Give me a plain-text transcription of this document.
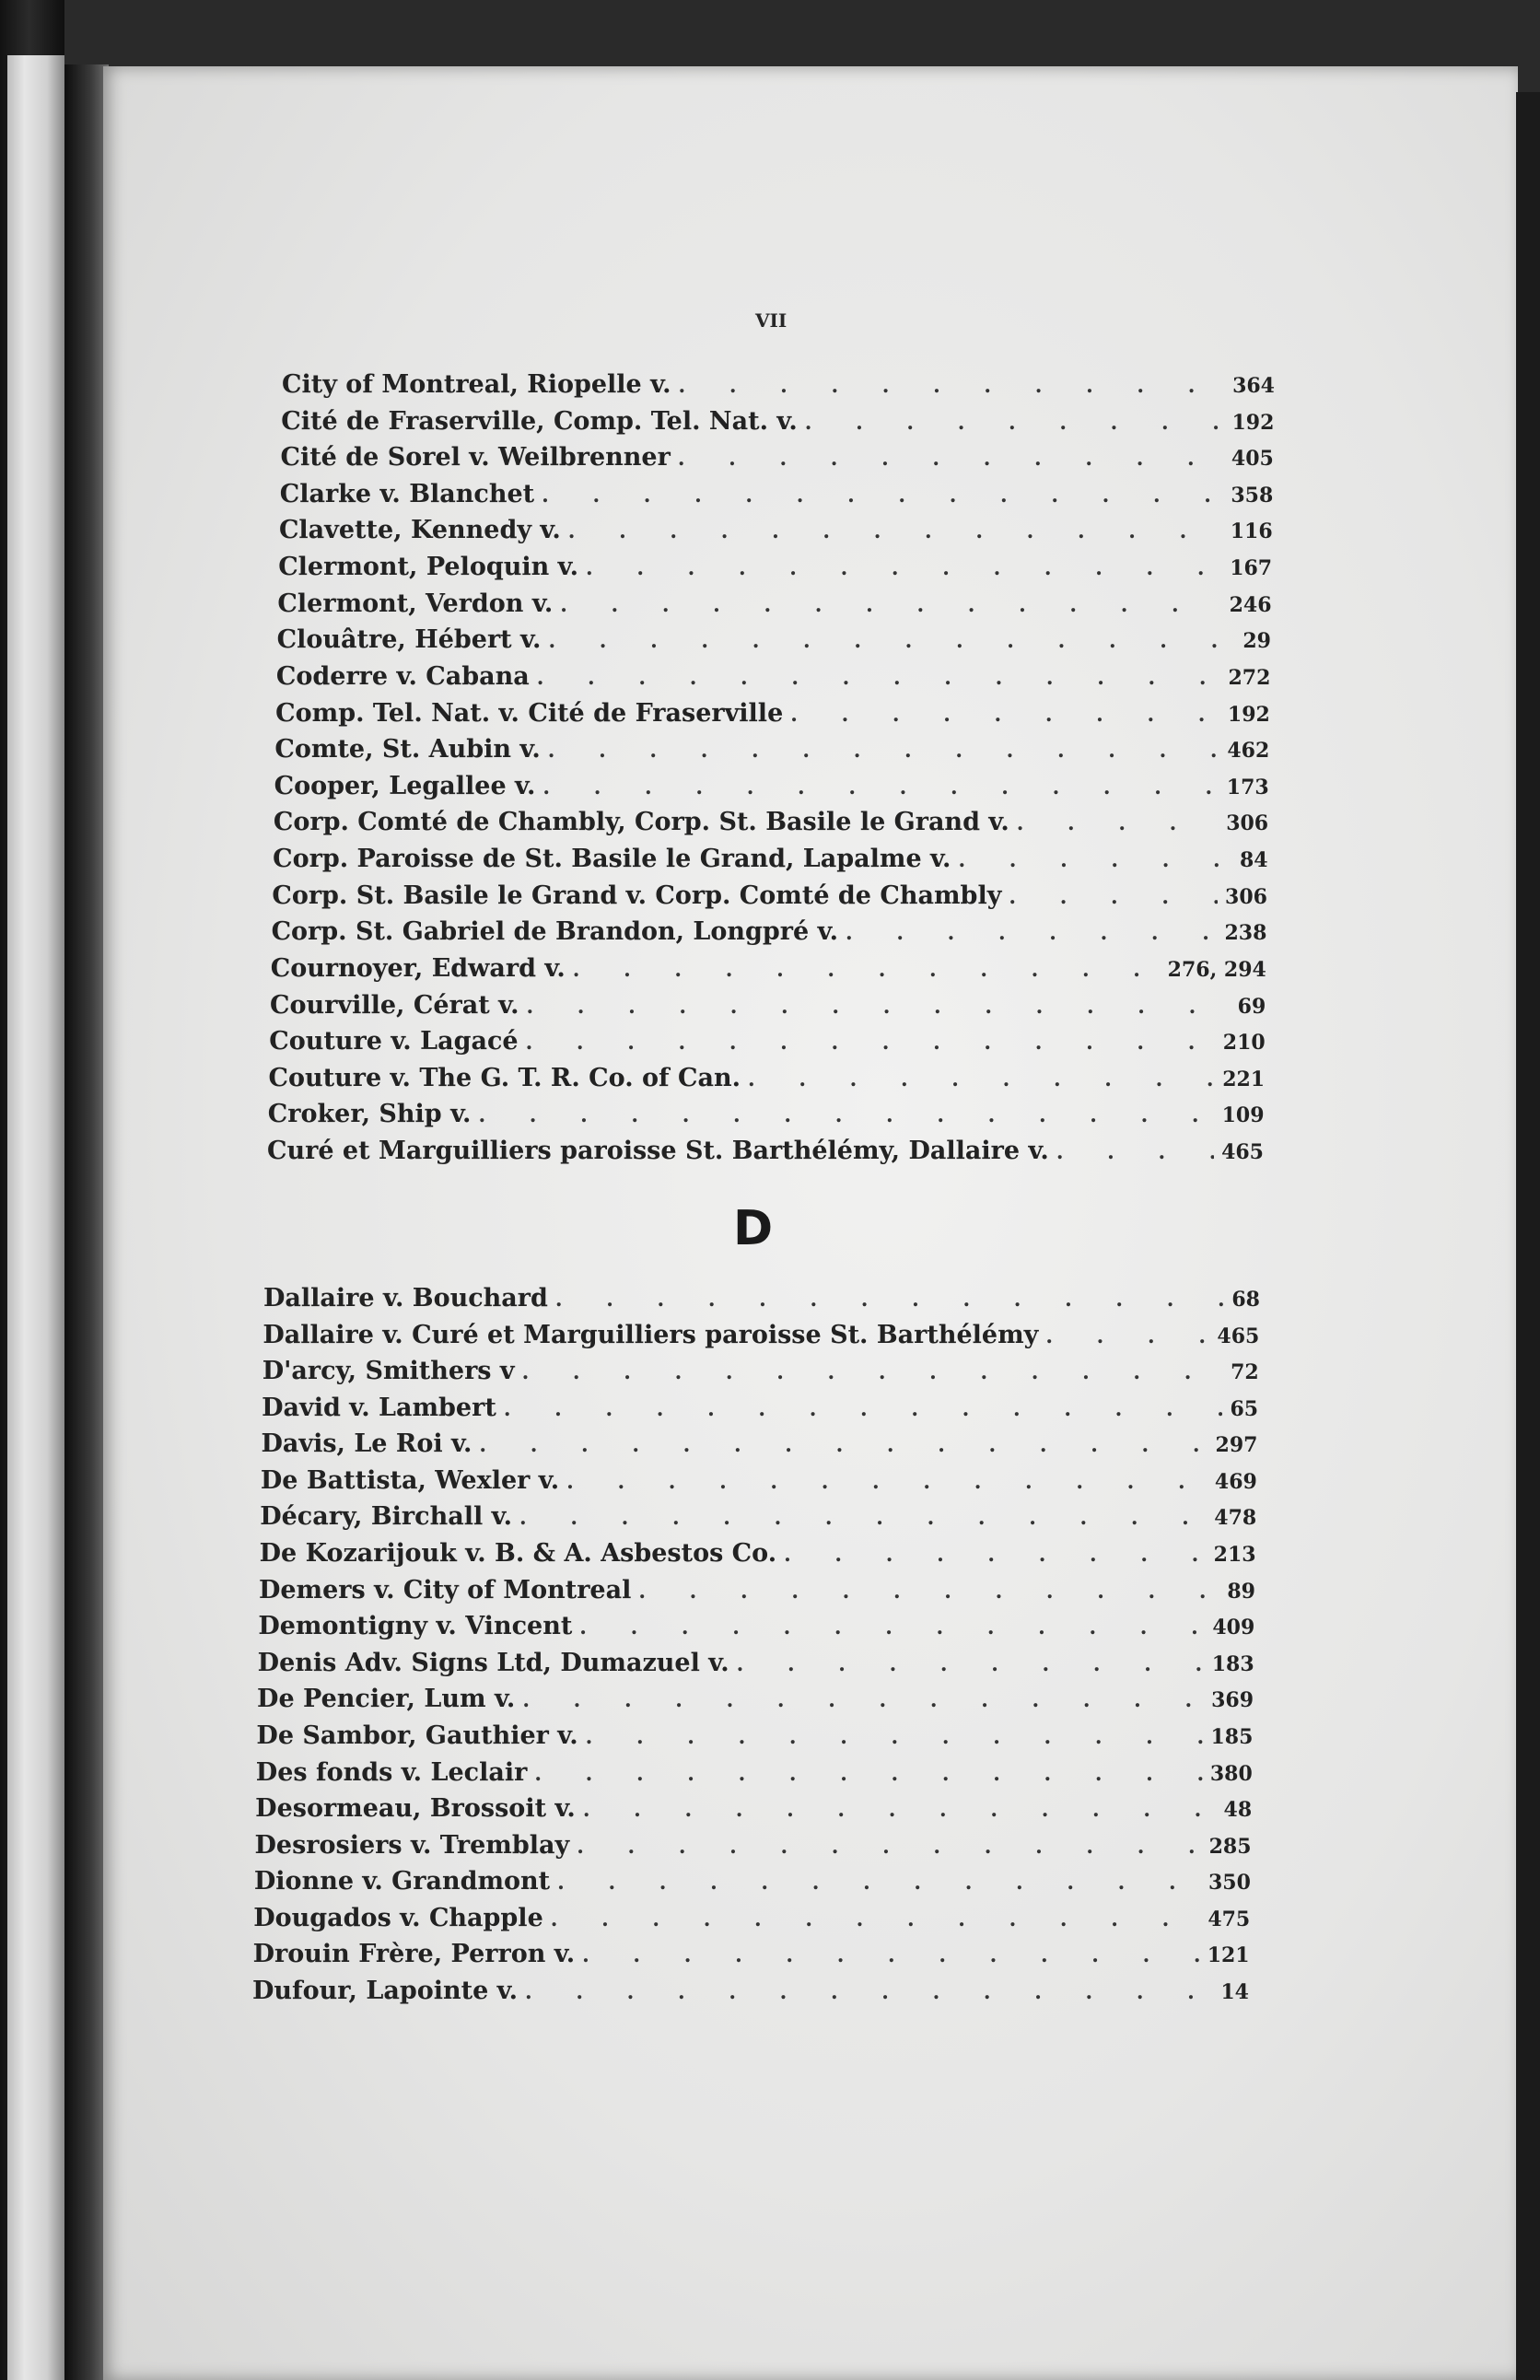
VII
City of Montreal, Riopelle v. . . .	364
Cité de Fraserville, Comp. Tel. Nat. v. . . .	192
Cité de Sorel v. Weilbrenner . . .	405
Clarke v. Blanchet . . .	358
Clavette, Kennedy v. . . .	116
Clermont, Peloquin v. . . .	167
Clermont, Verdon v. . . .	246
Clouâtre, Hébert v. . . .	29
Coderre v. Cabana . . .	272
Comp. Tel. Nat. v. Cité de Fraserville . . .	192
Comte, St. Aubin v. . . .	462
Cooper, Legallee v. . . .	173
Corp. Comté de Chambly, Corp. St. Basile le Grand v. . . .	306
Corp. Paroisse de St. Basile le Grand, Lapalme v. . . .	84
Corp. St. Basile le Grand v. Corp. Comté de Chambly . . .	306
Corp. St. Gabriel de Brandon, Longpré v. . . .	238
Cournoyer, Edward v. . . .	276, 294
Courville, Cérat v. . . .	69
Couture v. Lagacé . . .	210
Couture v. The G. T. R. Co. of Can. . . .	221
Croker, Ship v. . . .	109
Curé et Marguilliers paroisse St. Barthélémy, Dallaire v. . . .	465
D
Dallaire v. Bouchard . . .	68
Dallaire v. Curé et Marguilliers paroisse St. Barthélémy . . .	465
D'arcy, Smithers v . . .	72
David v. Lambert . . .	65
Davis, Le Roi v. . . .	297
De Battista, Wexler v. . . .	469
Décary, Birchall v. . . .	478
De Kozarijouk v. B. & A. Asbestos Co. . . .	213
Demers v. City of Montreal . . .	89
Demontigny v. Vincent . . .	409
Denis Adv. Signs Ltd, Dumazuel v. . . .	183
De Pencier, Lum v. . . .	369
De Sambor, Gauthier v. . . .	185
Des fonds v. Leclair . . .	380
Desormeau, Brossoit v. . . .	48
Desrosiers v. Tremblay . . .	285
Dionne v. Grandmont . . .	350
Dougados v. Chapple . . .	475
Drouin Frère, Perron v. . . .	121
Dufour, Lapointe v. . . .	14
